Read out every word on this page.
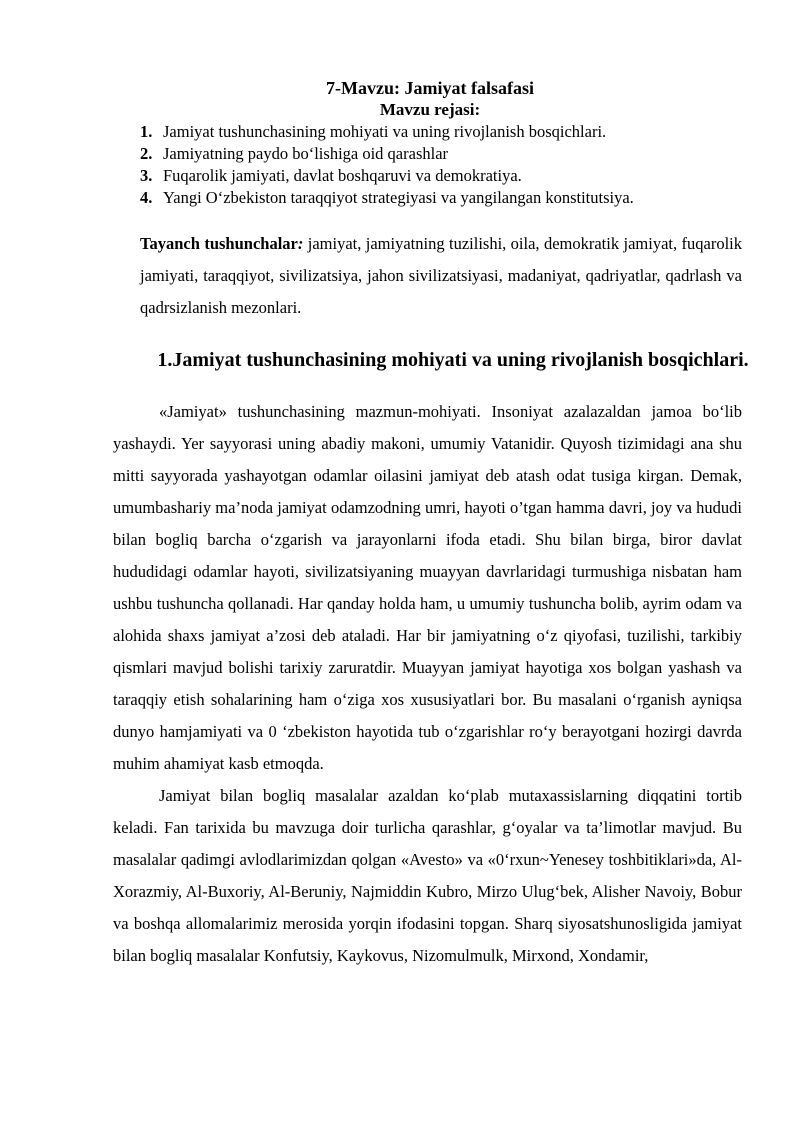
7-Mavzu: Jamiyat falsafasi
Mavzu rejasi:
1. Jamiyat tushunchasining mohiyati va uning rivojlanish bosqichlari.
2. Jamiyatning paydo bo‘lishiga oid qarashlar
3. Fuqarolik jamiyati, davlat boshqaruvi va demokratiya.
4. Yangi O‘zbekiston taraqqiyot strategiyasi va yangilangan konstitutsiya.
Tayanch tushunchalar: jamiyat, jamiyatning tuzilishi, oila, demokratik jamiyat, fuqarolik jamiyati, taraqqiyot, sivilizatsiya, jahon sivilizatsiyasi, madaniyat, qadriyatlar, qadrlash va qadrsizlanish mezonlari.
1.Jamiyat tushunchasining mohiyati va uning rivojlanish bosqichlari.

«Jamiyat» tushunchasining mazmun-mohiyati. Insoniyat azalazaldan jamoa bo‘lib yashaydi. Yer sayyorasi uning abadiy makoni, umumiy Vatanidir. Quyosh tizimidagi ana shu mitti sayyorada yashayotgan odamlar oilasini jamiyat deb atash odat tusiga kirgan. Demak, umumbashariy ma’noda jamiyat odamzodning umri, hayoti o’tgan hamma davri, joy va hududi bilan bogliq barcha o‘zgarish va jarayonlarni ifoda etadi. Shu bilan birga, biror davlat hududidagi odamlar hayoti, sivilizatsiyaning muayyan davrlaridagi turmushiga nisbatan ham ushbu tushuncha qollanadi. Har qanday holda ham, u umumiy tushuncha bolib, ayrim odam va alohida shaxs jamiyat a’zosi deb ataladi. Har bir jamiyatning o‘z qiyofasi, tuzilishi, tarkibiy qismlari mavjud bolishi tarixiy zaruratdir. Muayyan jamiyat hayotiga xos bolgan yashash va taraqqiy etish sohalarining ham o‘ziga xos xususiyatlari bor. Bu masalani o‘rganish ayniqsa dunyo hamjamiyati va 0 ‘zbekiston hayotida tub o‘zgarishlar ro‘y berayotgani hozirgi davrda muhim ahamiyat kasb etmoqda.

Jamiyat bilan bogliq masalalar azaldan ko‘plab mutaxassislarning diqqatini tortib keladi. Fan tarixida bu mavzuga doir turlicha qarashlar, g‘oyalar va ta’limotlar mavjud. Bu masalalar qadimgi avlodlarimizdan qolgan «Avesto» va «0‘rxun~Yenesey toshbitiklari»da, Al-Xorazmiy, Al-Buxoriy, Al-Beruniy, Najmiddin Kubro, Mirzo Ulug‘bek, Alisher Navoiy, Bobur va boshqa allomalarimiz merosida yorqin ifodasini topgan. Sharq siyosatshunosligida jamiyat bilan bogliq masalalar Konfutsiy, Kaykovus, Nizomulmulk, Mirxond, Xondamir,
